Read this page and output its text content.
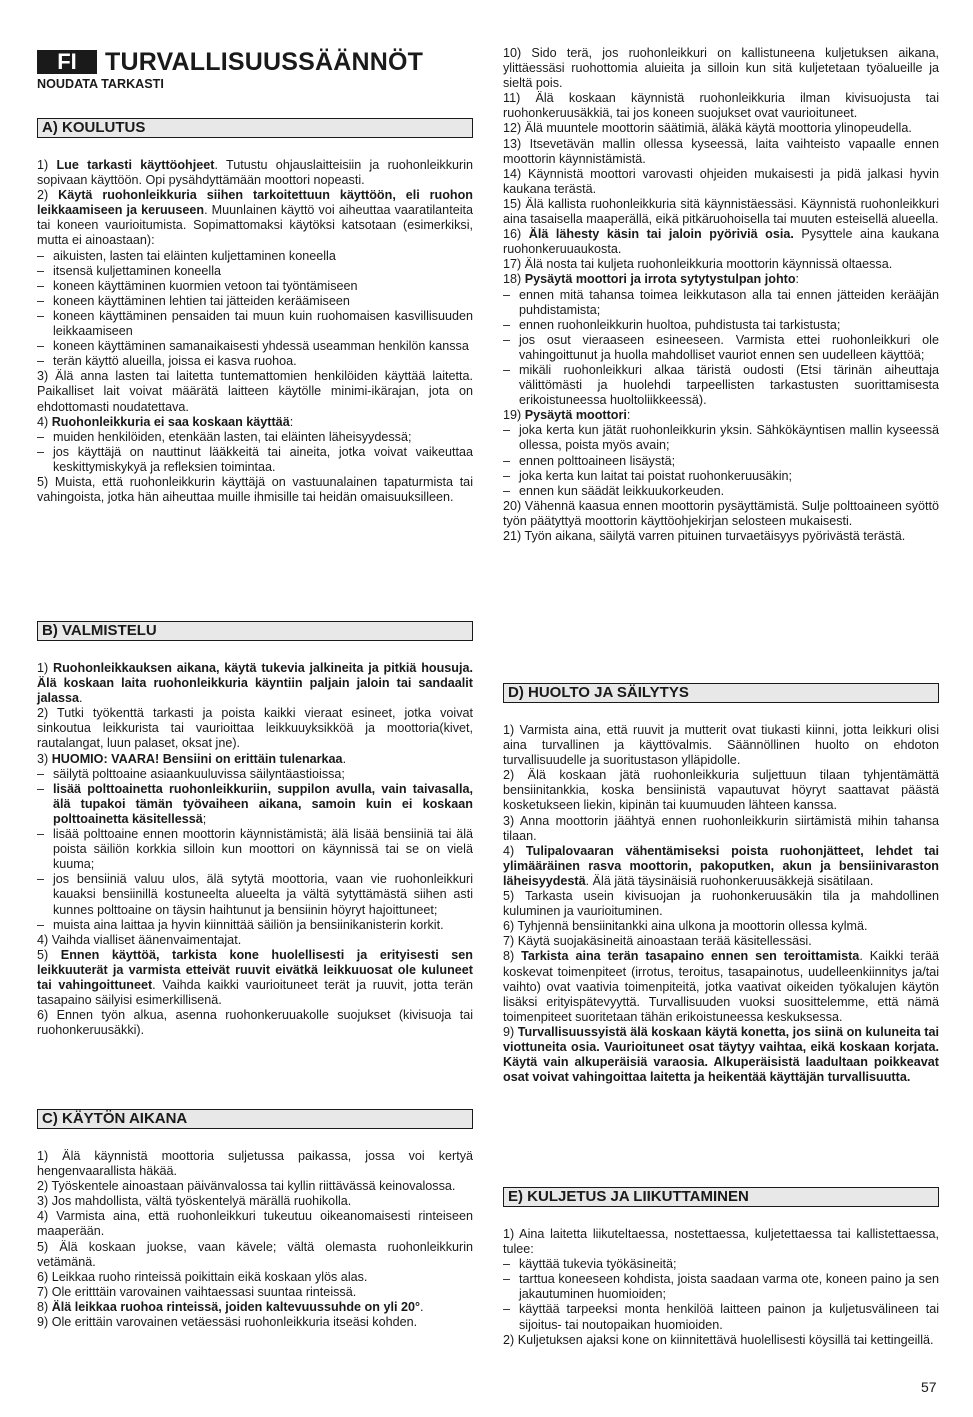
FI	TURVALLISUUSSÄÄNNÖT
NOUDATA TARKASTI
A) KOULUTUS

1) Lue tarkasti käyttöohjeet. Tutustu ohjauslaitteisiin ja ruohonleikkurin sopivaan käyttöön. Opi pysähdyttämään moottori nopeasti.

2) Käytä ruohonleikkuria siihen tarkoitettuun käyttöön, eli ruohon leikkaamiseen ja keruuseen. Muunlainen käyttö voi aiheuttaa vaaratilanteita tai koneen vaurioitumista. Sopimattomaksi käytöksi katsotaan (esimerkiksi, mutta ei ainoastaan):

– aikuisten, lasten tai eläinten kuljettaminen koneella
– itsensä kuljettaminen koneella
– koneen käyttäminen kuormien vetoon tai työntämiseen
– koneen käyttäminen lehtien tai jätteiden keräämiseen
– koneen käyttäminen pensaiden tai muun kuin ruohomaisen kasvillisuuden leikkaamiseen
– koneen käyttäminen samanaikaisesti yhdessä useamman henkilön kanssa
– terän käyttö alueilla, joissa ei kasva ruohoa.

3) Älä anna lasten tai laitetta tuntemattomien henkilöiden käyttää laitetta. Paikalliset lait voivat määrätä laitteen käytölle minimi-ikärajan, jota on ehdottomasti noudatettava.

4) Ruohonleikkuria ei saa koskaan käyttää:

– muiden henkilöiden, etenkään lasten, tai eläinten läheisyydessä;
– jos käyttäjä on nauttinut lääkkeitä tai aineita, jotka voivat vaikeuttaa keskittymiskykyä ja refleksien toimintaa.

5) Muista, että ruohonleikkurin käyttäjä on vastuunalainen tapaturmista tai vahingoista, jotka hän aiheuttaa muille ihmisille tai heidän omaisuuksilleen.

B) VALMISTELU

1) Ruohonleikkauksen aikana, käytä tukevia jalkineita ja pitkiä housuja. Älä koskaan laita ruohonleikkuria käyntiin paljain jaloin tai sandaalit jalassa.

2) Tutki työkenttä tarkasti ja poista kaikki vieraat esineet, jotka voivat sinkoutua leikkurista tai vaurioittaa leikkuuyksikköä ja moottoria(kivet, rautalangat, luun palaset, oksat jne).

3) HUOMIO: VAARA! Bensiini on erittäin tulenarkaa.

– säilytä polttoaine asiaankuuluvissa säilyntäastioissa;
– lisää polttoainetta ruohonleikkuriin, suppilon avulla, vain taivasalla, älä tupakoi tämän työvaiheen aikana, samoin kuin ei koskaan polttoainetta käsitellessä;
– lisää polttoaine ennen moottorin käynnistämistä; älä lisää bensiiniä tai älä poista säiliön korkkia silloin kun moottori on käynnissä tai se on vielä kuuma;
– jos bensiiniä valuu ulos, älä sytytä moottoria, vaan vie ruohonleikkuri kauaksi bensiinillä kostuneelta alueelta ja vältä sytyttämästä siihen asti kunnes polttoaine on täysin haihtunut ja bensiinin höyryt hajoittuneet;
– muista aina laittaa ja hyvin kiinnittää säiliön ja bensiinikanisterin korkit.

4) Vaihda vialliset äänenvaimentajat.

5) Ennen käyttöä, tarkista kone huolellisesti ja erityisesti sen leikkuuterät ja varmista etteivät ruuvit eivätkä leikkuuosat ole kuluneet tai vahingoittuneet. Vaihda kaikki vaurioituneet terät ja ruuvit, jotta terän tasapaino säilyisi esimerkillisenä.

6) Ennen työn alkua, asenna ruohonkeruuakolle suojukset (kivisuoja tai ruohonkeruusäkki).

C) KÄYTÖN AIKANA

1) Älä käynnistä moottoria suljetussa paikassa, jossa voi kertyä hengenvaarallista häkää.

2) Työskentele ainoastaan päivänvalossa tai kyllin riittävässä keinovalossa.

3) Jos mahdollista, vältä työskentelyä märällä ruohikolla.

4) Varmista aina, että ruohonleikkuri tukeutuu oikeanomaisesti rinteiseen maaperään.

5) Älä koskaan juokse, vaan kävele; vältä olemasta ruohonleikkurin vetämänä.

6) Leikkaa ruoho rinteissä poikittain eikä koskaan ylös alas.

7) Ole eritttäin varovainen vaihtaessasi suuntaa rinteissä.

8) Älä leikkaa ruohoa rinteissä, joiden kaltevuussuhde on yli 20°.

9) Ole erittäin varovainen vetäessäsi ruohonleikkuria itseäsi kohden.

10) Sido terä, jos ruohonleikkuri on kallistuneena kuljetuksen aikana, ylittäessäsi ruohottomia aluieita ja silloin kun sitä kuljetetaan työalueille ja sieltä pois.

11) Älä koskaan käynnistä ruohonleikkuria ilman kivisuojusta tai ruohonkeruusäkkiä, tai jos koneen suojukset ovat vaurioituneet.

12) Älä muuntele moottorin säätimiä, äläkä käytä moottoria ylinopeudella.

13) Itsevetävän mallin ollessa kyseessä, laita vaihteisto vapaalle ennen moottorin käynnistämistä.

14) Käynnistä moottori varovasti ohjeiden mukaisesti ja pidä jalkasi hyvin kaukana terästä.

15) Älä kallista ruohonleikkuria sitä käynnistäessäsi. Käynnistä ruohonleikkuri aina tasaisella maaperällä, eikä pitkäruohoisella tai muuten esteisellä alueella.

16) Älä lähesty käsin tai jaloin pyöriviä osia. Pysyttele aina kaukana ruohonkeruuaukosta.

17) Älä nosta tai kuljeta ruohonleikkuria moottorin käynnissä oltaessa.

18) Pysäytä moottori ja irrota sytytystulpan johto:

– ennen mitä tahansa toimea leikkutason alla tai ennen jätteiden kerääjän puhdistamista;
– ennen ruohonleikkurin huoltoa, puhdistusta tai tarkistusta;
– jos osut vieraaseen esineeseen. Varmista ettei ruohonleikkuri ole vahingoittunut ja huolla mahdolliset vauriot ennen sen uudelleen käyttöä;
– mikäli ruohonleikkuri alkaa täristä oudosti (Etsi tärinän aiheuttaja välittömästi ja huolehdi tarpeellisten tarkastusten suorittamisesta erikoistuneessa huoltoliikkeessä).

19) Pysäytä moottori:

– joka kerta kun jätät ruohonleikkurin yksin. Sähkökäyntisen mallin kyseessä ollessa, poista myös avain;
– ennen polttoaineen lisäystä;
– joka kerta kun laitat tai poistat ruohonkeruusäkin;
– ennen kun säädät leikkuukorkeuden.

20) Vähennä kaasua ennen moottorin pysäyttämistä. Sulje polttoaineen syöttö työn päätyttyä moottorin käyttöohjekirjan selosteen mukaisesti.

21) Työn aikana, säilytä varren pituinen turvaetäisyys pyörivästä terästä.

D) HUOLTO JA SÄILYTYS

1) Varmista aina, että ruuvit ja mutterit ovat tiukasti kiinni, jotta leikkuri olisi aina turvallinen ja käyttövalmis. Säännöllinen huolto on ehdoton turvallisuudelle ja suoritustason ylläpidolle.

2) Älä koskaan jätä ruohonleikkuria suljettuun tilaan tyhjentämättä bensiinitankkia, koska bensiinistä vapautuvat höyryt saattavat päästä kosketukseen liekin, kipinän tai kuumuuden lähteen kanssa.

3) Anna moottorin jäähtyä ennen ruohonleikkurin siirtämistä mihin tahansa tilaan.

4) Tulipalovaaran vähentämiseksi poista ruohonjätteet, lehdet tai ylimääräinen rasva moottorin, pakoputken, akun ja bensiinivaraston läheisyydestä. Älä jätä täysinäisiä ruohonkeruusäkkejä sisätilaan.

5) Tarkasta usein kivisuojan ja ruohonkeruusäkin tila ja mahdollinen kuluminen ja vaurioituminen.

6) Tyhjennä bensiinitankki aina ulkona ja moottorin ollessa kylmä.

7) Käytä suojakäsineitä ainoastaan terää käsitellessäsi.

8) Tarkista aina terän tasapaino ennen sen teroittamista. Kaikki terää koskevat toimenpiteet (irrotus, teroitus, tasapainotus, uudelleenkiinnitys ja/tai vaihto) ovat vaativia toimenpiteitä, jotka vaativat oikeiden työkalujen käytön lisäksi erityispätevyyttä. Turvallisuuden vuoksi suosittelemme, että nämä toimenpiteet suoritetaan tähän erikoistuneessa keskuksessa.

9) Turvallisuussyistä älä koskaan käytä konetta, jos siinä on kuluneita tai viottuneita osia. Vaurioituneet osat täytyy vaihtaa, eikä koskaan korjata. Käytä vain alkuperäisiä varaosia. Alkuperäisistä laadultaan poikkeavat osat voivat vahingoittaa laitetta ja heikentää käyttäjän turvallisuutta.

E) KULJETUS JA LIIKUTTAMINEN

1) Aina laitetta liikuteltaessa, nostettaessa, kuljetettaessa tai kallistettaessa, tulee:

– käyttää tukevia työkäsineitä;
– tarttua koneeseen kohdista, joista saadaan varma ote, koneen paino ja sen jakautuminen huomioiden;
– käyttää tarpeeksi monta henkilöä laitteen painon ja kuljetusvälineen tai sijoitus- tai noutopaikan huomioiden.

2) Kuljetuksen ajaksi kone on kiinnitettävä huolellisesti köysillä tai kettingeillä.

57
